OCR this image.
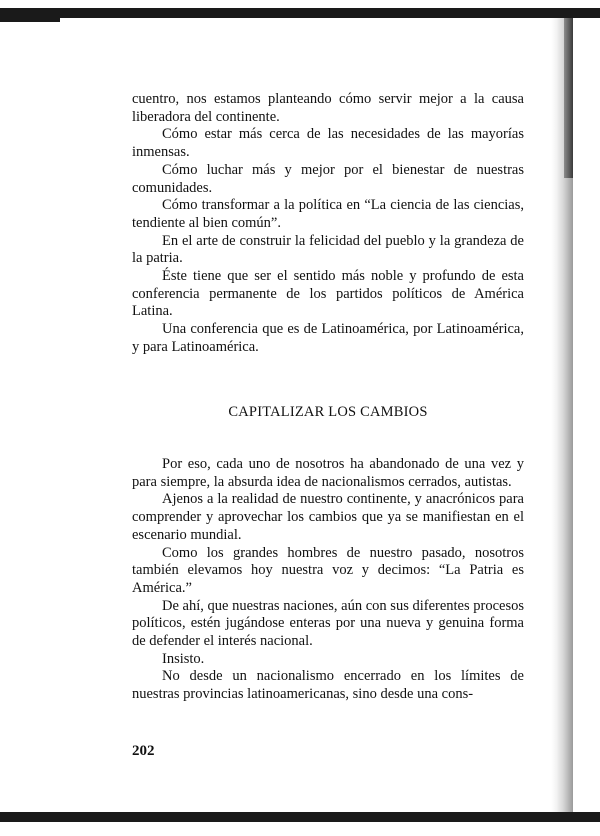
cuentro, nos estamos planteando cómo servir mejor a la causa liberadora del continente.

Cómo estar más cerca de las necesidades de las mayorías inmensas.

Cómo luchar más y mejor por el bienestar de nuestras comunidades.

Cómo transformar a la política en “La ciencia de las ciencias, tendiente al bien común”.

En el arte de construir la felicidad del pueblo y la grandeza de la patria.

Éste tiene que ser el sentido más noble y profundo de esta conferencia permanente de los partidos políticos de América Latina.

Una conferencia que es de Latinoamérica, por Latinoamérica, y para Latinoamérica.

CAPITALIZAR LOS CAMBIOS

Por eso, cada uno de nosotros ha abandonado de una vez y para siempre, la absurda idea de nacionalismos cerrados, autistas.

Ajenos a la realidad de nuestro continente, y anacrónicos para comprender y aprovechar los cambios que ya se manifiestan en el escenario mundial.

Como los grandes hombres de nuestro pasado, nosotros también elevamos hoy nuestra voz y decimos: “La Patria es América.”

De ahí, que nuestras naciones, aún con sus diferentes procesos políticos, estén jugándose enteras por una nueva y genuina forma de defender el interés nacional.

Insisto.

No desde un nacionalismo encerrado en los límites de nuestras provincias latinoamericanas, sino desde una cons-

202
